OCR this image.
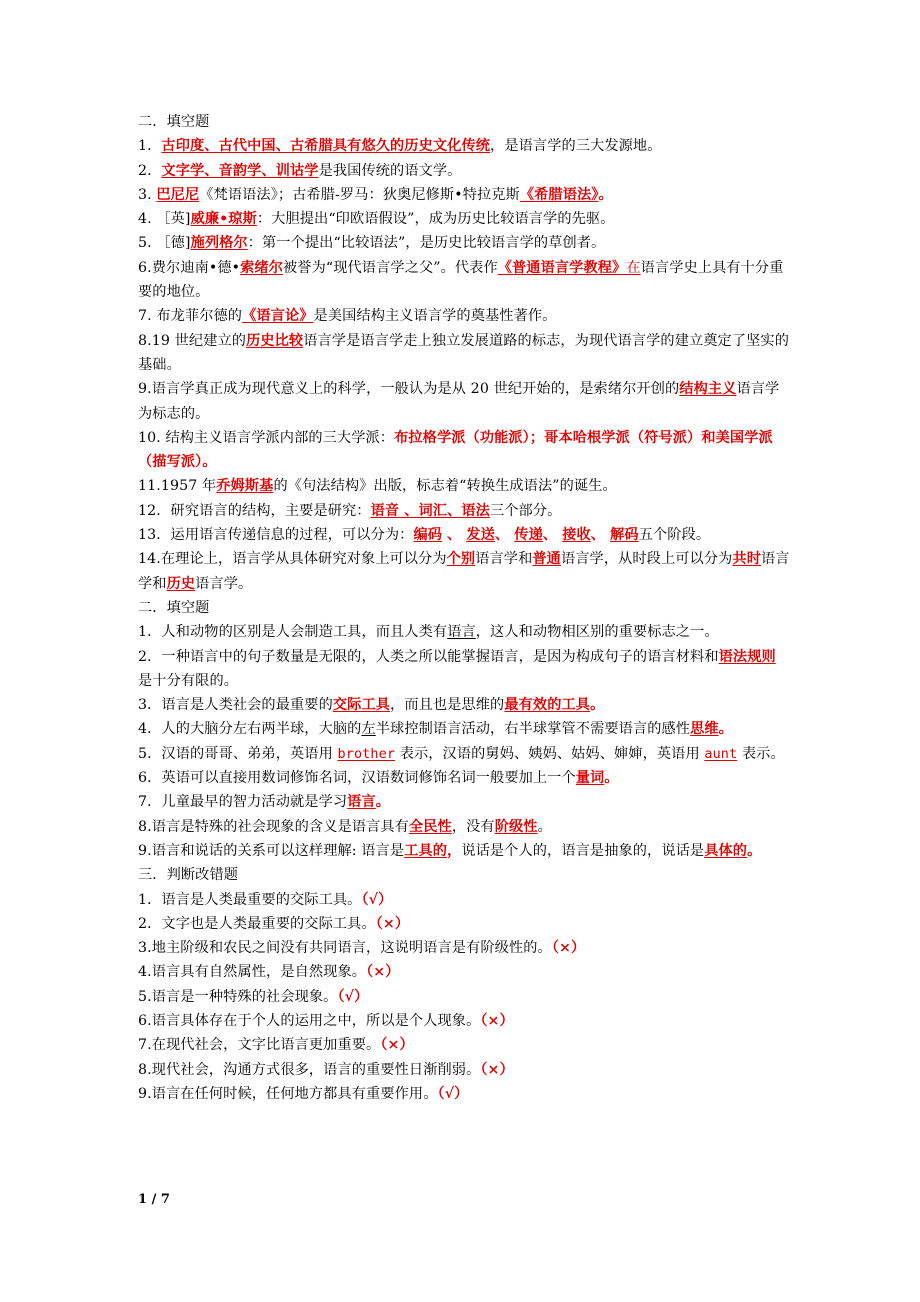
二．填空题
1．古印度、古代中国、古希腊具有悠久的历史文化传统，是语言学的三大发源地。
2．文字学、音韵学、训诂学是我国传统的语文学。
3. 巴尼尼《梵语语法》；古希腊-罗马：狄奥尼修斯•特拉克斯《希腊语法》。
4. ［英]威廉•琼斯：大胆提出“印欧语假设”，成为历史比较语言学的先驱。
5. ［德]施列格尔：第一个提出“比较语法”，是历史比较语言学的草创者。
6.费尔迪南•德•索绪尔被誉为“现代语言学之父”。代表作《普通语言学教程》在语言学史上具有十分重要的地位。
7. 布龙菲尔德的《语言论》是美国结构主义语言学的奠基性著作。
8.19 世纪建立的历史比较语言学是语言学走上独立发展道路的标志，为现代语言学的建立奠定了坚实的基础。
9.语言学真正成为现代意义上的科学，一般认为是从 20 世纪开始的，是索绪尔开创的结构主义语言学为标志的。
10. 结构主义语言学派内部的三大学派：布拉格学派（功能派）；哥本哈根学派（符号派）和美国学派（描写派）。
11.1957 年乔姆斯基的《句法结构》出版，标志着“转换生成语法”的诞生。
12．研究语言的结构，主要是研究：语音 、词汇、语法三个部分。
13．运用语言传递信息的过程，可以分为：编码 、 发送、 传递、 接收、 解码五个阶段。
14.在理论上，语言学从具体研究对象上可以分为个别语言学和普通语言学，从时段上可以分为共时语言学和历史语言学。
二．填空题
1．人和动物的区别是人会制造工具，而且人类有语言，这人和动物相区别的重要标志之一。
2．一种语言中的句子数量是无限的，人类之所以能掌握语言，是因为构成句子的语言材料和语法规则是十分有限的。
3．语言是人类社会的最重要的交际工具，而且也是思维的最有效的工具。
4．人的大脑分左右两半球，大脑的左半球控制语言活动，右半球掌管不需要语言的感性思维。
5．汉语的哥哥、弟弟，英语用 brother 表示，汉语的舅妈、姨妈、姑妈、婶婶，英语用 aunt 表示。
6．英语可以直接用数词修饰名词，汉语数词修饰名词一般要加上一个量词。
7．儿童最早的智力活动就是学习语言。
8.语言是特殊的社会现象的含义是语言具有全民性，没有阶级性。
9.语言和说话的关系可以这样理解: 语言是工具的，说话是个人的，语言是抽象的，说话是具体的。
三．判断改错题
1．语言是人类最重要的交际工具。（√）
2．文字也是人类最重要的交际工具。（×）
3.地主阶级和农民之间没有共同语言，这说明语言是有阶级性的。（×）
4.语言具有自然属性，是自然现象。（×）
5.语言是一种特殊的社会现象。（√）
6.语言具体存在于个人的运用之中，所以是个人现象。（×）
7.在现代社会，文字比语言更加重要。（×）
8.现代社会，沟通方式很多，语言的重要性日渐削弱。（×）
9.语言在任何时候，任何地方都具有重要作用。（√）
1 / 7
